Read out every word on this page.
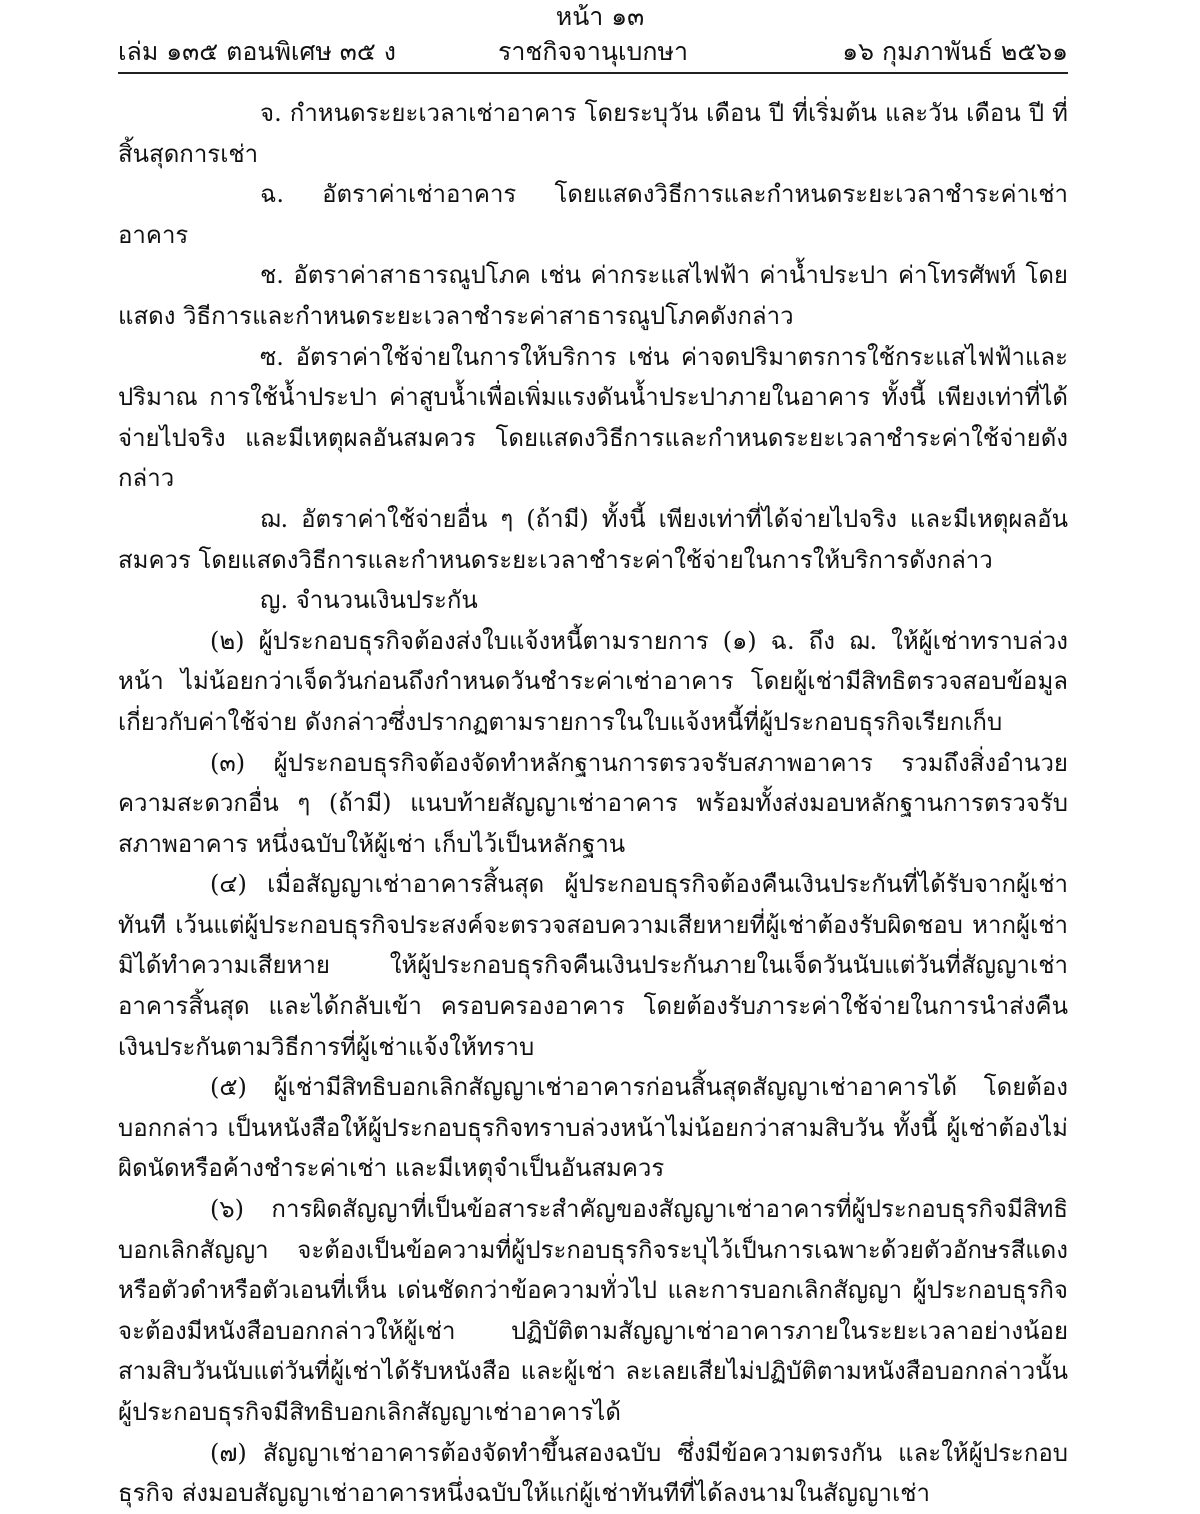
หน้า ๑๓
ราชกิจจานุเบกษา
เล่ม ๑๓๕ ตอนพิเศษ ๓๕ ง	๑๖ กุมภาพันธ์ ๒๕๖๑

จ. กำหนดระยะเวลาเช่าอาคาร โดยระบุวัน เดือน ปี ที่เริ่มต้น และวัน เดือน ปี ที่สิ้นสุดการเช่า

ฉ. อัตราค่าเช่าอาคาร โดยแสดงวิธีการและกำหนดระยะเวลาชำระค่าเช่าอาคาร

ช. อัตราค่าสาธารณูปโภค เช่น ค่ากระแสไฟฟ้า ค่าน้ำประปา ค่าโทรศัพท์ โดยแสดง วิธีการและกำหนดระยะเวลาชำระค่าสาธารณูปโภคดังกล่าว

ซ. อัตราค่าใช้จ่ายในการให้บริการ เช่น ค่าจดปริมาตรการใช้กระแสไฟฟ้าและปริมาณ การใช้น้ำประปา ค่าสูบน้ำเพื่อเพิ่มแรงดันน้ำประปาภายในอาคาร ทั้งนี้ เพียงเท่าที่ได้จ่ายไปจริง และมีเหตุผลอันสมควร โดยแสดงวิธีการและกำหนดระยะเวลาชำระค่าใช้จ่ายดังกล่าว

ฌ. อัตราค่าใช้จ่ายอื่น ๆ (ถ้ามี) ทั้งนี้ เพียงเท่าที่ได้จ่ายไปจริง และมีเหตุผลอันสมควร โดยแสดงวิธีการและกำหนดระยะเวลาชำระค่าใช้จ่ายในการให้บริการดังกล่าว

ญ. จำนวนเงินประกัน

(๒) ผู้ประกอบธุรกิจต้องส่งใบแจ้งหนี้ตามรายการ (๑) ฉ. ถึง ฌ. ให้ผู้เช่าทราบล่วงหน้า ไม่น้อยกว่าเจ็ดวันก่อนถึงกำหนดวันชำระค่าเช่าอาคาร โดยผู้เช่ามีสิทธิตรวจสอบข้อมูลเกี่ยวกับค่าใช้จ่าย ดังกล่าวซึ่งปรากฏตามรายการในใบแจ้งหนี้ที่ผู้ประกอบธุรกิจเรียกเก็บ

(๓) ผู้ประกอบธุรกิจต้องจัดทำหลักฐานการตรวจรับสภาพอาคาร รวมถึงสิ่งอำนวยความสะดวกอื่น ๆ (ถ้ามี) แนบท้ายสัญญาเช่าอาคาร พร้อมทั้งส่งมอบหลักฐานการตรวจรับสภาพอาคาร หนึ่งฉบับให้ผู้เช่า เก็บไว้เป็นหลักฐาน

(๔) เมื่อสัญญาเช่าอาคารสิ้นสุด ผู้ประกอบธุรกิจต้องคืนเงินประกันที่ได้รับจากผู้เช่าทันที เว้นแต่ผู้ประกอบธุรกิจประสงค์จะตรวจสอบความเสียหายที่ผู้เช่าต้องรับผิดชอบ หากผู้เช่ามิได้ทำความเสียหาย ให้ผู้ประกอบธุรกิจคืนเงินประกันภายในเจ็ดวันนับแต่วันที่สัญญาเช่าอาคารสิ้นสุด และได้กลับเข้า ครอบครองอาคาร โดยต้องรับภาระค่าใช้จ่ายในการนำส่งคืนเงินประกันตามวิธีการที่ผู้เช่าแจ้งให้ทราบ

(๕) ผู้เช่ามีสิทธิบอกเลิกสัญญาเช่าอาคารก่อนสิ้นสุดสัญญาเช่าอาคารได้ โดยต้องบอกกล่าว เป็นหนังสือให้ผู้ประกอบธุรกิจทราบล่วงหน้าไม่น้อยกว่าสามสิบวัน ทั้งนี้ ผู้เช่าต้องไม่ผิดนัดหรือค้างชำระค่าเช่า และมีเหตุจำเป็นอันสมควร

(๖) การผิดสัญญาที่เป็นข้อสาระสำคัญของสัญญาเช่าอาคารที่ผู้ประกอบธุรกิจมีสิทธิบอกเลิกสัญญา จะต้องเป็นข้อความที่ผู้ประกอบธุรกิจระบุไว้เป็นการเฉพาะด้วยตัวอักษรสีแดงหรือตัวดำหรือตัวเอนที่เห็น เด่นชัดกว่าข้อความทั่วไป และการบอกเลิกสัญญา ผู้ประกอบธุรกิจจะต้องมีหนังสือบอกกล่าวให้ผู้เช่า ปฏิบัติตามสัญญาเช่าอาคารภายในระยะเวลาอย่างน้อยสามสิบวันนับแต่วันที่ผู้เช่าได้รับหนังสือ และผู้เช่า ละเลยเสียไม่ปฏิบัติตามหนังสือบอกกล่าวนั้น ผู้ประกอบธุรกิจมีสิทธิบอกเลิกสัญญาเช่าอาคารได้

(๗) สัญญาเช่าอาคารต้องจัดทำขึ้นสองฉบับ ซึ่งมีข้อความตรงกัน และให้ผู้ประกอบธุรกิจ ส่งมอบสัญญาเช่าอาคารหนึ่งฉบับให้แก่ผู้เช่าทันทีที่ได้ลงนามในสัญญาเช่า
